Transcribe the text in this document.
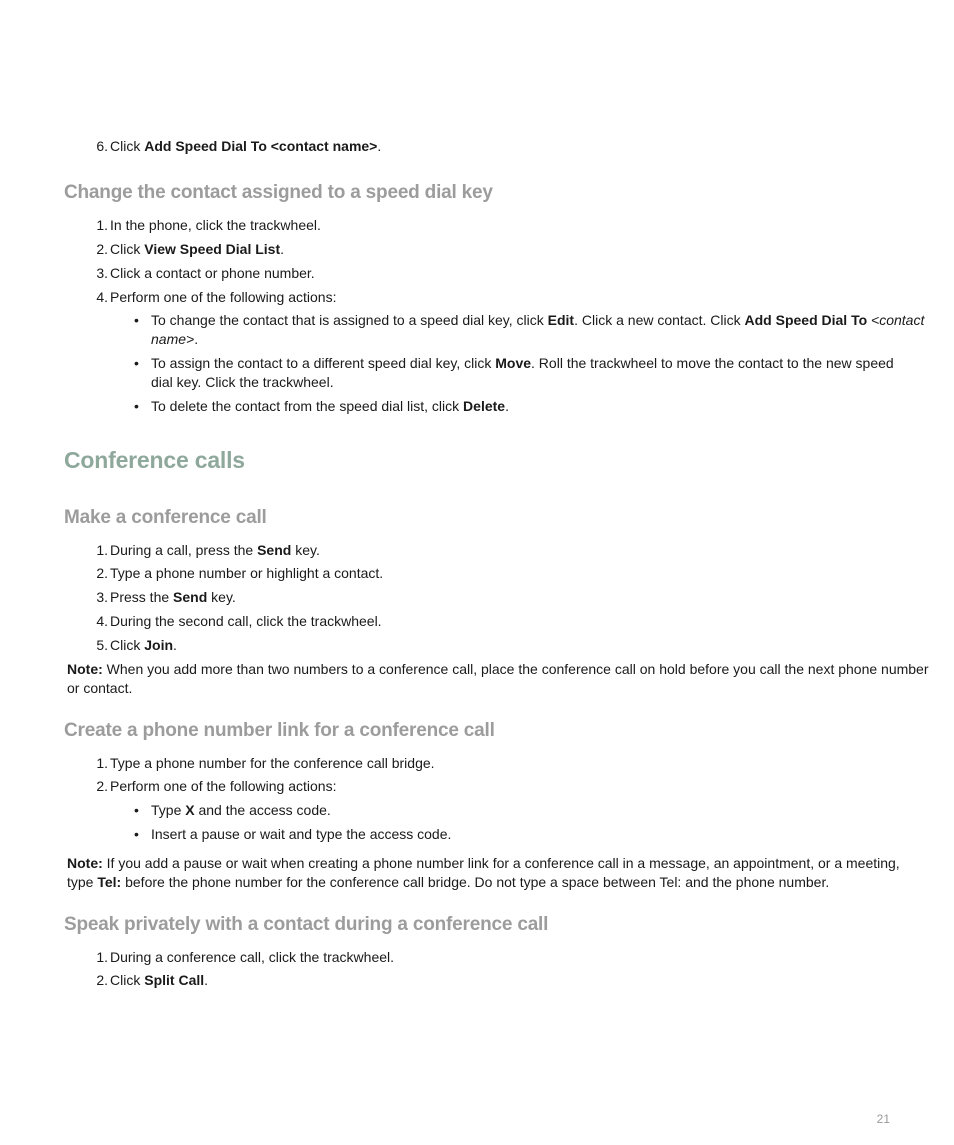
6. Click Add Speed Dial To <contact name>.
Change the contact assigned to a speed dial key
1. In the phone, click the trackwheel.
2. Click View Speed Dial List.
3. Click a contact or phone number.
4. Perform one of the following actions:
• To change the contact that is assigned to a speed dial key, click Edit. Click a new contact. Click Add Speed Dial To <contact
name>.
• To assign the contact to a different speed dial key, click Move. Roll the trackwheel to move the contact to the new speed
dial key. Click the trackwheel.
• To delete the contact from the speed dial list, click Delete.
Conference calls
Make a conference call
1. During a call, press the Send key.
2. Type a phone number or highlight a contact.
3. Press the Send key.
4. During the second call, click the trackwheel.
5. Click Join.
Note: When you add more than two numbers to a conference call, place the conference call on hold before you call the next phone number
or contact.
Create a phone number link for a conference call
1. Type a phone number for the conference call bridge.
2. Perform one of the following actions:
• Type X and the access code.
• Insert a pause or wait and type the access code.
Note: If you add a pause or wait when creating a phone number link for a conference call in a message, an appointment, or a meeting,
type Tel: before the phone number for the conference call bridge. Do not type a space between Tel: and the phone number.
Speak privately with a contact during a conference call
1. During a conference call, click the trackwheel.
2. Click Split Call.
21
